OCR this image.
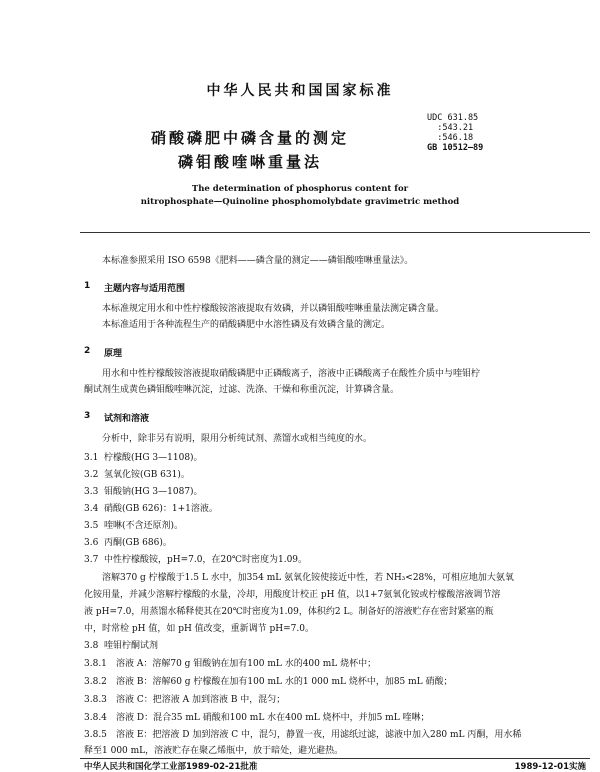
中华人民共和国国家标准
UDC 631.85
:543.21
:546.18
GB 10512—89
硝酸磷肥中磷含量的测定
磷钼酸喹啉重量法
The determination of phosphorus content for
nitrophosphate—Quinoline phosphomolybdate gravimetric method
本标准参照采用 ISO 6598《肥料——磷含量的测定——磷钼酸喹啉重量法》。
1 主题内容与适用范围
本标准规定用水和中性柠檬酸铵溶液提取有效磷，并以磷钼酸喹啉重量法测定磷含量。
本标准适用于各种流程生产的硝酸磷肥中水溶性磷及有效磷含量的测定。
2 原理
用水和中性柠檬酸铵溶液提取硝酸磷肥中正磷酸离子，溶液中正磷酸离子在酸性介质中与喹钼柠
酮试剂生成黄色磷钼酸喹啉沉淀，过滤、洗涤、干燥和称重沉淀，计算磷含量。
3 试剂和溶液
分析中，除非另有说明，限用分析纯试剂、蒸馏水或相当纯度的水。
3.1 柠檬酸(HG 3—1108)。
3.2 氢氧化铵(GB 631)。
3.3 钼酸钠(HG 3—1087)。
3.4 硝酸(GB 626)：1+1溶液。
3.5 喹啉(不含还原剂)。
3.6 丙酮(GB 686)。
3.7 中性柠檬酸铵，pH=7.0，在20℃时密度为1.09。
溶解370 g 柠檬酸于1.5 L 水中，加354 mL 氨氧化铵使接近中性，若 NH₃<28%，可相应地加大氨氧
化铵用量，并减少溶解柠檬酸的水量，冷却，用酸度计校正 pH 值，以1+7氨氧化铵或柠檬酸溶液调节溶
液 pH=7.0，用蒸馏水稀释使其在20℃时密度为1.09，体积约2 L。制备好的溶液贮存在密封紧塞的瓶
中，时常检 pH 值，如 pH 值改变，重新调节 pH=7.0。
3.8 喹钼柠酮试剂
3.8.1 溶液 A：溶解70 g 钼酸钠在加有100 mL 水的400 mL 烧杯中；
3.8.2 溶液 B：溶解60 g 柠檬酸在加有100 mL 水的1 000 mL 烧杯中，加85 mL 硝酸；
3.8.3 溶液 C：把溶液 A 加到溶液 B 中，混匀；
3.8.4 溶液 D：混合35 mL 硝酸和100 mL 水在400 mL 烧杯中，并加5 mL 喹啉；
3.8.5 溶液 E：把溶液 D 加到溶液 C 中，混匀，静置一夜，用滤纸过滤，滤液中加入280 mL 丙酮，用水稀
中华人民共和国化学工业部1989-02-21批准	1989-12-01实施
释至1 000 mL，溶液贮存在聚乙烯瓶中，放于暗处，避光避热。
